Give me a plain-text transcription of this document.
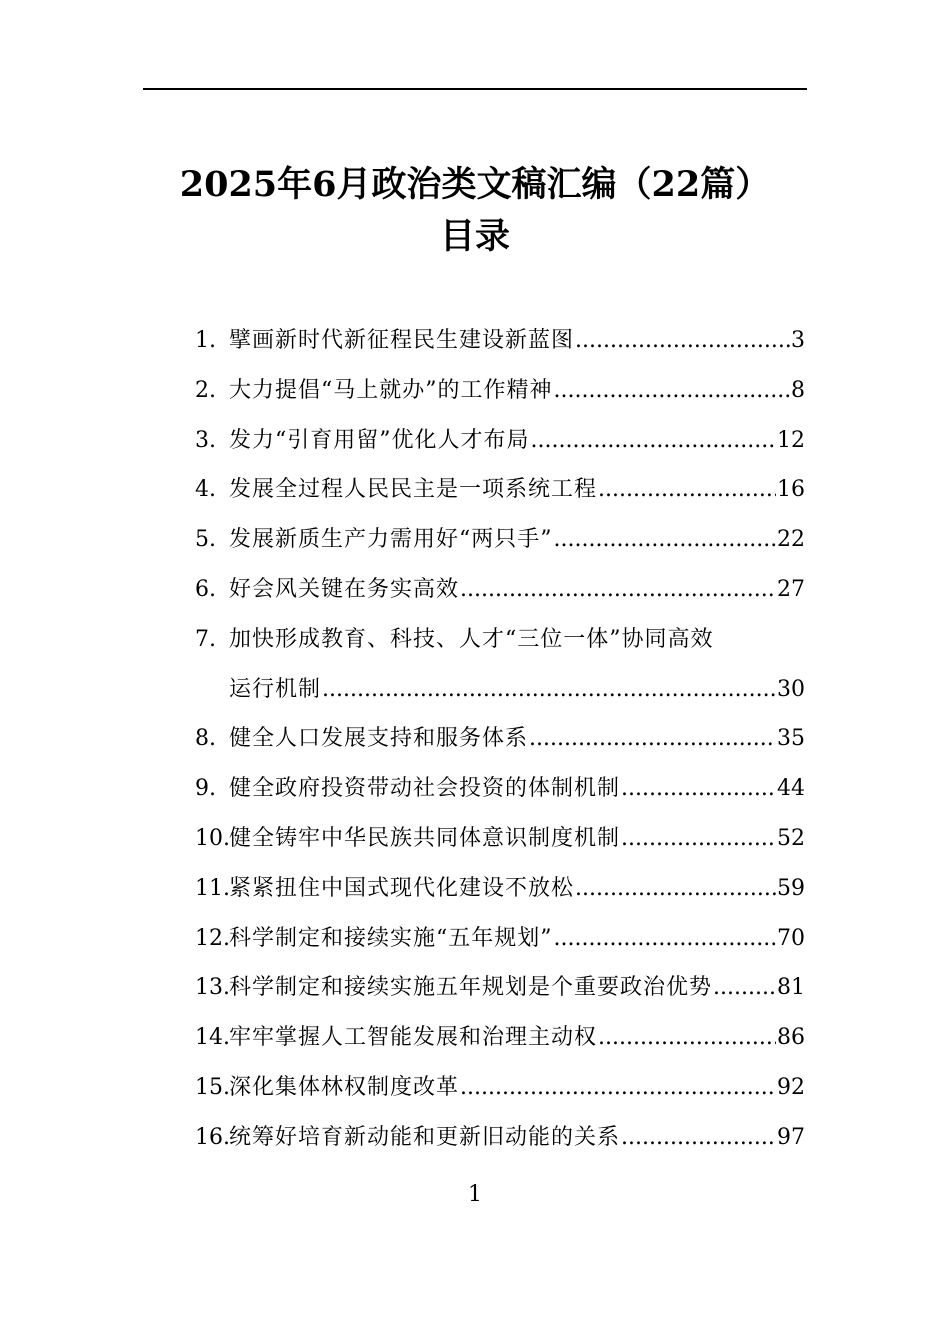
2025年6月政治类文稿汇编（22篇）
目录
1. 擘画新时代新征程民生建设新蓝图 .....	3
2. 大力提倡“马上就办”的工作精神 .....	8
3. 发力“引育用留”优化人才布局 .....	12
4. 发展全过程人民民主是一项系统工程 .....	16
5. 发展新质生产力需用好“两只手” .....	22
6. 好会风关键在务实高效 .....	27
7. 加快形成教育、科技、人才“三位一体”协同高效
运行机制 .....	30
8. 健全人口发展支持和服务体系 .....	35
9. 健全政府投资带动社会投资的体制机制 .....	44
10. 健全铸牢中华民族共同体意识制度机制 .....	52
11. 紧紧扭住中国式现代化建设不放松 .....	59
12. 科学制定和接续实施“五年规划” .....	70
13. 科学制定和接续实施五年规划是个重要政治优势 .....	81
14. 牢牢掌握人工智能发展和治理主动权 .....	86
15. 深化集体林权制度改革 .....	92
16. 统筹好培育新动能和更新旧动能的关系 .....	97
1
